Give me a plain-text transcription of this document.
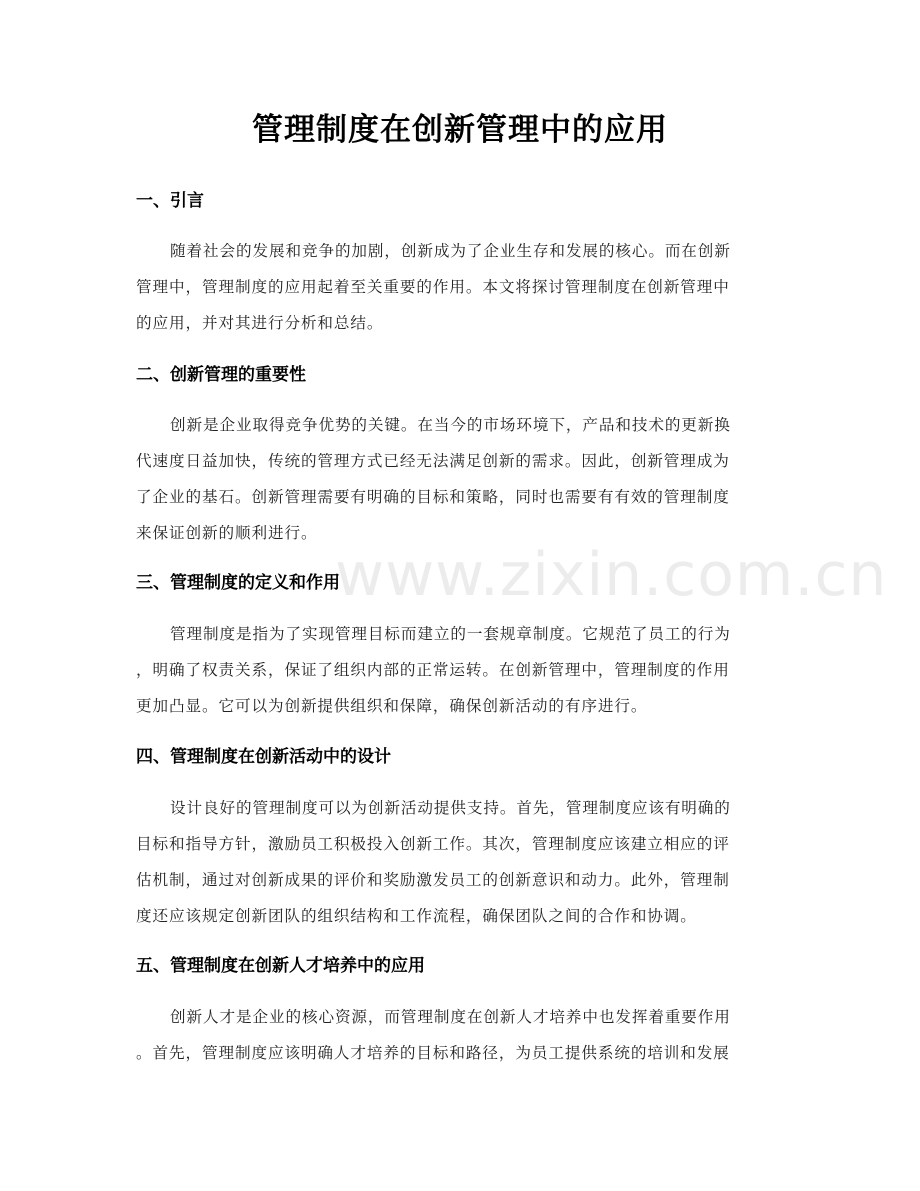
www.zixin.com.cn
管理制度在创新管理中的应用
一、引言

随着社会的发展和竞争的加剧，创新成为了企业生存和发展的核心。而在创新

管理中，管理制度的应用起着至关重要的作用。本文将探讨管理制度在创新管理中

的应用，并对其进行分析和总结。

二、创新管理的重要性

创新是企业取得竞争优势的关键。在当今的市场环境下，产品和技术的更新换

代速度日益加快，传统的管理方式已经无法满足创新的需求。因此，创新管理成为

了企业的基石。创新管理需要有明确的目标和策略，同时也需要有有效的管理制度

来保证创新的顺利进行。

三、管理制度的定义和作用

管理制度是指为了实现管理目标而建立的一套规章制度。它规范了员工的行为

，明确了权责关系，保证了组织内部的正常运转。在创新管理中，管理制度的作用

更加凸显。它可以为创新提供组织和保障，确保创新活动的有序进行。

四、管理制度在创新活动中的设计

设计良好的管理制度可以为创新活动提供支持。首先，管理制度应该有明确的

目标和指导方针，激励员工积极投入创新工作。其次，管理制度应该建立相应的评

估机制，通过对创新成果的评价和奖励激发员工的创新意识和动力。此外，管理制

度还应该规定创新团队的组织结构和工作流程，确保团队之间的合作和协调。

五、管理制度在创新人才培养中的应用

创新人才是企业的核心资源，而管理制度在创新人才培养中也发挥着重要作用

。首先，管理制度应该明确人才培养的目标和路径，为员工提供系统的培训和发展
